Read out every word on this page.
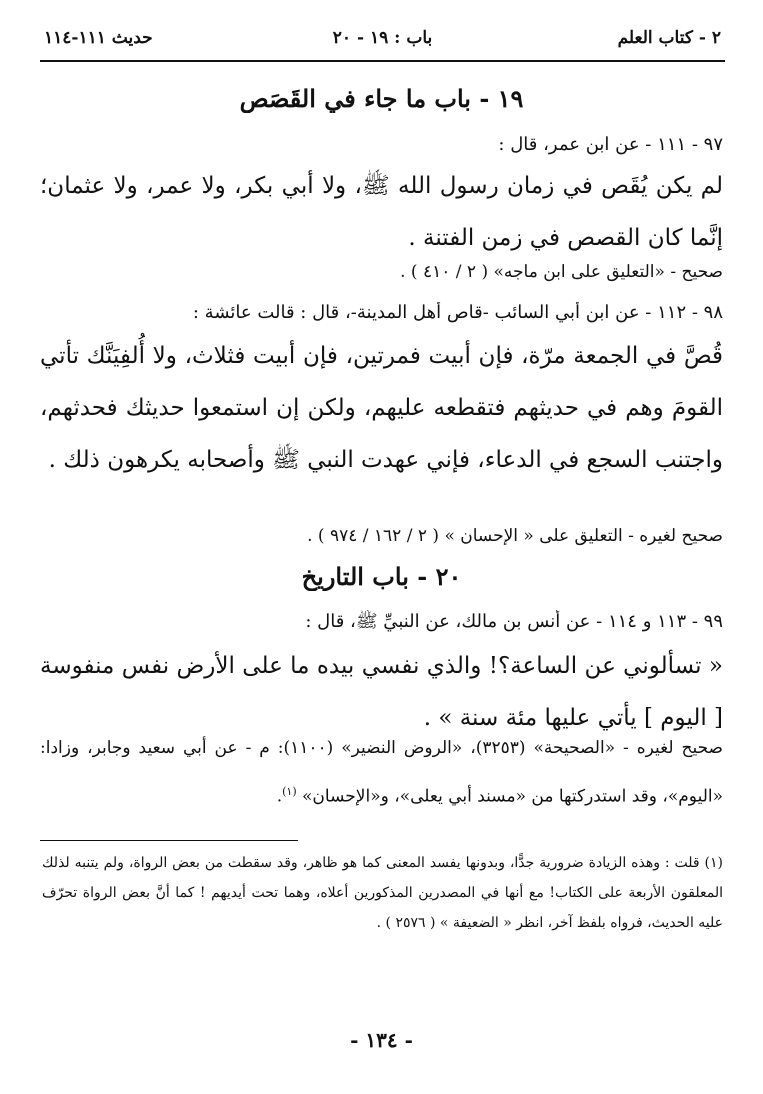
٢ - كتاب العلم
باب : ١٩ - ٢٠
حديث ١١١-١١٤
١٩ - باب ما جاء في القَصَص
٩٧ - ١١١ - عن ابن عمر، قال :
لم يكن يُقَص في زمان رسول الله ﷺ، ولا أبي بكر، ولا عمر، ولا عثمان؛ إنَّما كان القصص في زمن الفتنة .
صحيح - «التعليق على ابن ماجه» ( ٢ / ٤١٠ ) .
٩٨ - ١١٢ - عن ابن أبي السائب -قاص أهل المدينة-، قال : قالت عائشة :
قُصَّ في الجمعة مرّة، فإن أبيت فمرتين، فإن أبيت فثلاث، ولا أُلفِيَنَّك تأتي القومَ وهم في حديثهم فتقطعه عليهم، ولكن إن استمعوا حديثك فحدثهم، واجتنب السجع في الدعاء، فإني عهدت النبي ﷺ وأصحابه يكرهون ذلك .
صحيح لغيره - التعليق على « الإحسان » ( ٢ / ١٦٢ / ٩٧٤ ) .
٢٠ - باب التاريخ
٩٩ - ١١٣ و ١١٤ - عن أنس بن مالك، عن النبيِّ ﷺ، قال :
« تسألوني عن الساعة؟! والذي نفسي بيده ما على الأرض نفس منفوسة [ اليوم ] يأتي عليها مئة سنة » .
صحيح لغيره - «الصحيحة» (٣٢٥٣)، «الروض النضير» (١١٠٠): م - عن أبي سعيد وجابر، وزادا: «اليوم»، وقد استدركتها من «مسند أبي يعلى»، و«الإحسان» $^{(١)}$.
(١) قلت : وهذه الزيادة ضرورية جدًّا، وبدونها يفسد المعنى كما هو ظاهر، وقد سقطت من بعض الرواة، ولم يتنبه لذلك المعلقون الأربعة على الكتاب! مع أنها في المصدرين المذكورين أعلاه، وهما تحت أيديهم ! كما أنَّ بعض الرواة تحرّف عليه الحديث، فرواه بلفظ آخر، انظر « الضعيفة » ( ٢٥٧٦ ) .
- ١٣٤ -
